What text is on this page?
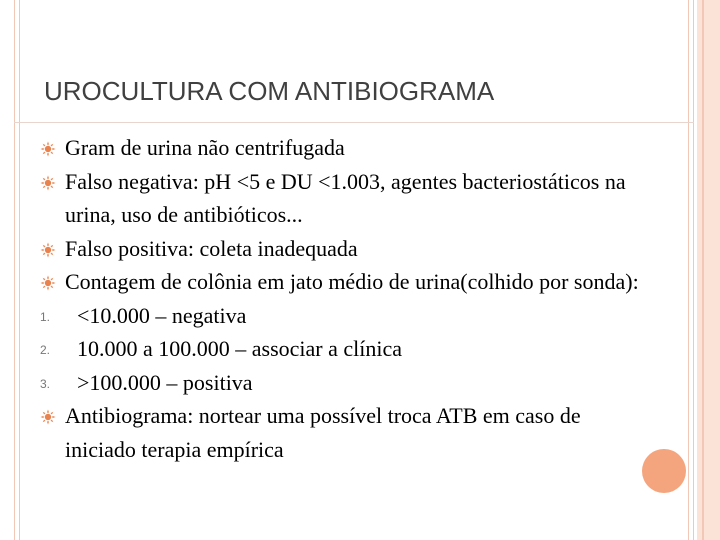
UROCULTURA COM ANTIBIOGRAMA
Gram de urina não centrifugada
Falso negativa: pH <5 e DU <1.003, agentes bacteriostáticos na urina, uso de antibióticos...
Falso positiva: coleta inadequada
Contagem de colônia em jato médio de urina(colhido por sonda):
1. <10.000 – negativa
2. 10.000 a 100.000 – associar a clínica
3. >100.000 – positiva
Antibiograma: nortear uma possível troca ATB em caso de iniciado terapia empírica
